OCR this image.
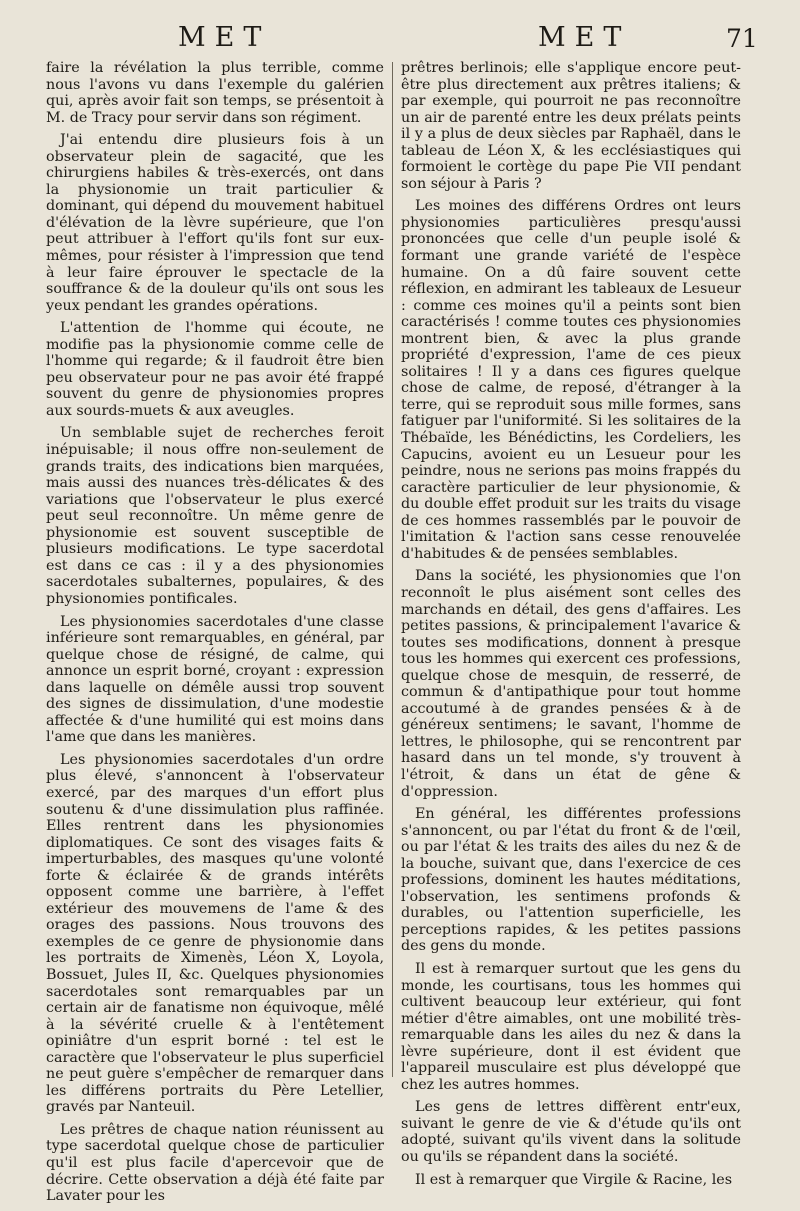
MET	MET	71

faire la révélation la plus terrible, comme nous l'avons vu dans l'exemple du galérien qui, après avoir fait son temps, se présentoit à M. de Tracy pour servir dans son régiment.

J'ai entendu dire plusieurs fois à un observateur plein de sagacité, que les chirurgiens habiles & très-exercés, ont dans la physionomie un trait particulier & dominant, qui dépend du mouvement habituel d'élévation de la lèvre supérieure, que l'on peut attribuer à l'effort qu'ils font sur eux-mêmes, pour résister à l'impression que tend à leur faire éprouver le spectacle de la souffrance & de la douleur qu'ils ont sous les yeux pendant les grandes opérations.

L'attention de l'homme qui écoute, ne modifie pas la physionomie comme celle de l'homme qui regarde; & il faudroit être bien peu observateur pour ne pas avoir été frappé souvent du genre de physionomies propres aux sourds-muets & aux aveugles.

Un semblable sujet de recherches feroit inépuisable; il nous offre non-seulement de grands traits, des indications bien marquées, mais aussi des nuances très-délicates & des variations que l'observateur le plus exercé peut seul reconnoître. Un même genre de physionomie est souvent susceptible de plusieurs modifications. Le type sacerdotal est dans ce cas : il y a des physionomies sacerdotales subalternes, populaires, & des physionomies pontificales.

Les physionomies sacerdotales d'une classe inférieure sont remarquables, en général, par quelque chose de résigné, de calme, qui annonce un esprit borné, croyant : expression dans laquelle on démêle aussi trop souvent des signes de dissimulation, d'une modestie affectée & d'une humilité qui est moins dans l'ame que dans les manières.

Les physionomies sacerdotales d'un ordre plus élevé, s'annoncent à l'observateur exercé, par des marques d'un effort plus soutenu & d'une dissimulation plus raffinée. Elles rentrent dans les physionomies diplomatiques. Ce sont des visages faits & imperturbables, des masques qu'une volonté forte & éclairée & de grands intérêts opposent comme une barrière, à l'effet extérieur des mouvemens de l'ame & des orages des passions. Nous trouvons des exemples de ce genre de physionomie dans les portraits de Ximenès, Léon X, Loyola, Bossuet, Jules II, &c. Quelques physionomies sacerdotales sont remarquables par un certain air de fanatisme non équivoque, mêlé à la sévérité cruelle & à l'entêtement opiniâtre d'un esprit borné : tel est le caractère que l'observateur le plus superficiel ne peut guère s'empêcher de remarquer dans les différens portraits du Père Letellier, gravés par Nanteuil.

Les prêtres de chaque nation réunissent au type sacerdotal quelque chose de particulier qu'il est plus facile d'apercevoir que de décrire. Cette observation a déjà été faite par Lavater pour les

prêtres berlinois; elle s'applique encore peut-être plus directement aux prêtres italiens; & par exemple, qui pourroit ne pas reconnoître un air de parenté entre les deux prélats peints il y a plus de deux siècles par Raphaël, dans le tableau de Léon X, & les ecclésiastiques qui formoient le cortège du pape Pie VII pendant son séjour à Paris ?

Les moines des différens Ordres ont leurs physionomies particulières presqu'aussi prononcées que celle d'un peuple isolé & formant une grande variété de l'espèce humaine. On a dû faire souvent cette réflexion, en admirant les tableaux de Lesueur : comme ces moines qu'il a peints sont bien caractérisés ! comme toutes ces physionomies montrent bien, & avec la plus grande propriété d'expression, l'ame de ces pieux solitaires ! Il y a dans ces figures quelque chose de calme, de reposé, d'étranger à la terre, qui se reproduit sous mille formes, sans fatiguer par l'uniformité. Si les solitaires de la Thébaïde, les Bénédictins, les Cordeliers, les Capucins, avoient eu un Lesueur pour les peindre, nous ne serions pas moins frappés du caractère particulier de leur physionomie, & du double effet produit sur les traits du visage de ces hommes rassemblés par le pouvoir de l'imitation & l'action sans cesse renouvelée d'habitudes & de pensées semblables.

Dans la société, les physionomies que l'on reconnoît le plus aisément sont celles des marchands en détail, des gens d'affaires. Les petites passions, & principalement l'avarice & toutes ses modifications, donnent à presque tous les hommes qui exercent ces professions, quelque chose de mesquin, de resserré, de commun & d'antipathique pour tout homme accoutumé à de grandes pensées & à de généreux sentimens; le savant, l'homme de lettres, le philosophe, qui se rencontrent par hasard dans un tel monde, s'y trouvent à l'étroit, & dans un état de gêne & d'oppression.

En général, les différentes professions s'annoncent, ou par l'état du front & de l'œil, ou par l'état & les traits des ailes du nez & de la bouche, suivant que, dans l'exercice de ces professions, dominent les hautes méditations, l'observation, les sentimens profonds & durables, ou l'attention superficielle, les perceptions rapides, & les petites passions des gens du monde.

Il est à remarquer surtout que les gens du monde, les courtisans, tous les hommes qui cultivent beaucoup leur extérieur, qui font métier d'être aimables, ont une mobilité très-remarquable dans les ailes du nez & dans la lèvre supérieure, dont il est évident que l'appareil musculaire est plus développé que chez les autres hommes.

Les gens de lettres diffèrent entr'eux, suivant le genre de vie & d'étude qu'ils ont adopté, suivant qu'ils vivent dans la solitude ou qu'ils se répandent dans la société.

Il est à remarquer que Virgile & Racine, les
